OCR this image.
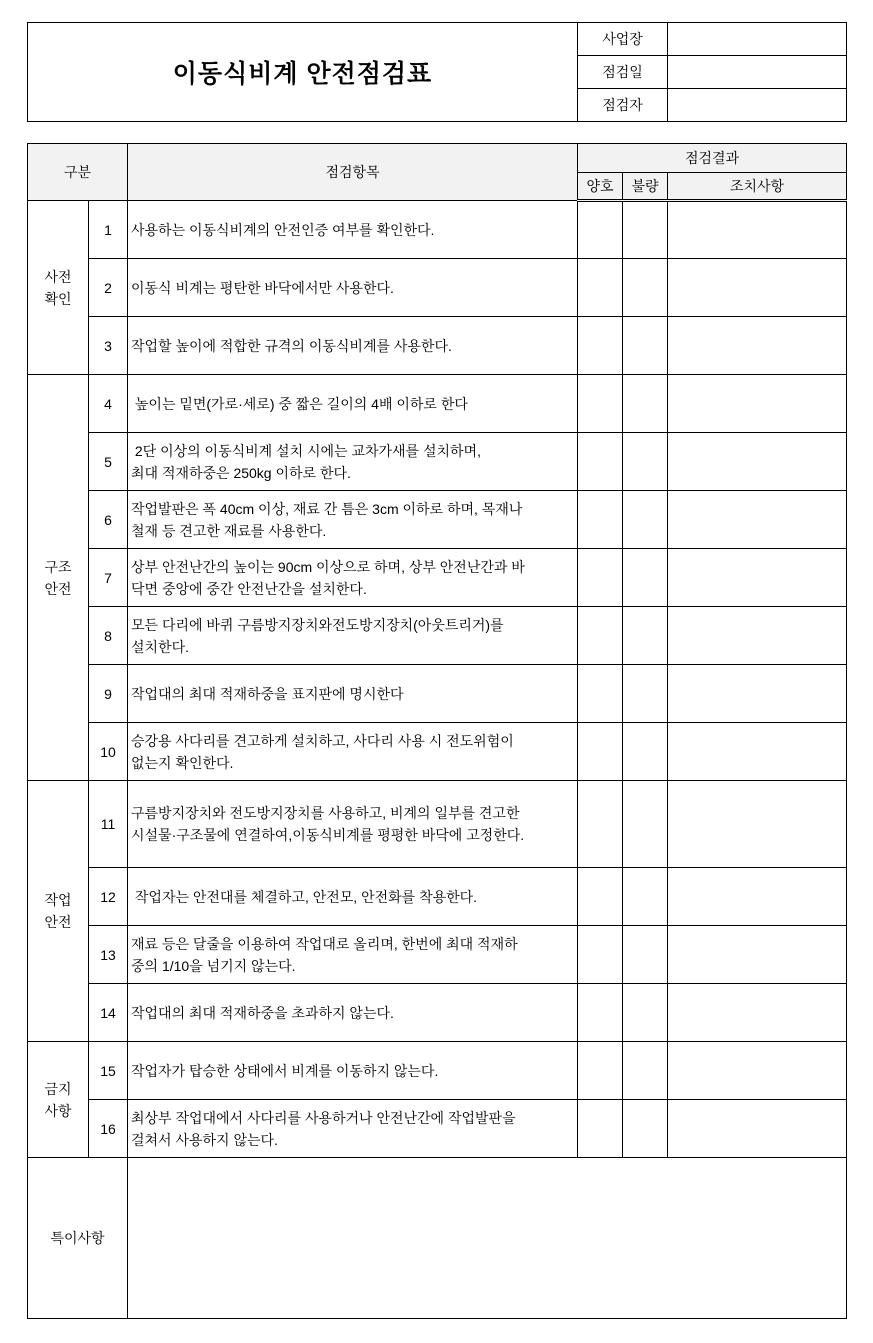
이동식비계 안전점검표	사업장	
	점검일	
	점검자	
구분		점검항목	점검결과		
			양호	불량	조치사항
사전
확인	1	사용하는 이동식비계의 안전인증 여부를 확인한다.			
	2	이동식 비계는 평탄한 바닥에서만 사용한다.			
	3	작업할 높이에 적합한 규격의 이동식비계를 사용한다.			
구조
안전	4	높이는 밑면(가로·세로) 중 짧은 길이의 4배 이하로 한다			
	5	2단 이상의 이동식비계 설치 시에는 교차가새를 설치하며,
최대 적재하중은 250kg 이하로 한다.			
	6	작업발판은 폭 40cm 이상, 재료 간 틈은 3cm 이하로 하며, 목재나
철재 등 견고한 재료를 사용한다.			
	7	상부 안전난간의 높이는 90cm 이상으로 하며, 상부 안전난간과 바
닥면 중앙에 중간 안전난간을 설치한다.			
	8	모든 다리에 바퀴 구름방지장치와전도방지장치(아웃트리거)를
설치한다.			
	9	작업대의 최대 적재하중을 표지판에 명시한다			
	10	승강용 사다리를 견고하게 설치하고, 사다리 사용 시 전도위험이
없는지 확인한다.			
작업
안전	11	구름방지장치와 전도방지장치를 사용하고, 비계의 일부를 견고한
시설물·구조물에 연결하여,이동식비계를 평평한 바닥에 고정한다.			
	12	작업자는 안전대를 체결하고, 안전모, 안전화를 착용한다.			
	13	재료 등은 달줄을 이용하여 작업대로 올리며, 한번에 최대 적재하
중의 1/10을 넘기지 않는다.			
	14	작업대의 최대 적재하중을 초과하지 않는다.			
금지
사항	15	작업자가 탑승한 상태에서 비계를 이동하지 않는다.			
	16	최상부 작업대에서 사다리를 사용하거나 안전난간에 작업발판을
걸쳐서 사용하지 않는다.			
특이사항					
